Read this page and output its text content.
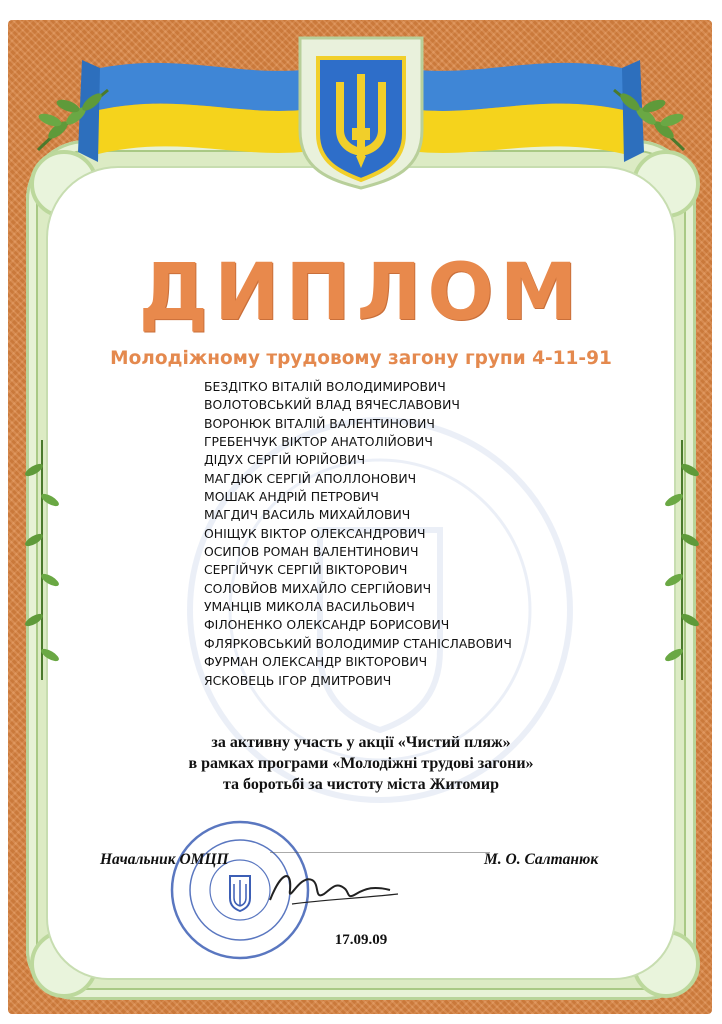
ДИПЛОМ
Молодіжному трудовому загону групи 4-11-91
БЕЗДІТКО ВІТАЛІЙ ВОЛОДИМИРОВИЧ
ВОЛОТОВСЬКИЙ ВЛАД ВЯЧЕСЛАВОВИЧ
ВОРОНЮК ВІТАЛІЙ ВАЛЕНТИНОВИЧ
ГРЕБЕНЧУК ВІКТОР АНАТОЛІЙОВИЧ
ДІДУХ СЕРГІЙ ЮРІЙОВИЧ
МАГДЮК СЕРГІЙ АПОЛЛОНОВИЧ
МОШАК АНДРІЙ ПЕТРОВИЧ
МАГДИЧ ВАСИЛЬ МИХАЙЛОВИЧ
ОНІЩУК ВІКТОР ОЛЕКСАНДРОВИЧ
ОСИПОВ РОМАН ВАЛЕНТИНОВИЧ
СЕРГІЙЧУК СЕРГІЙ ВІКТОРОВИЧ
СОЛОВЙОВ МИХАЙЛО СЕРГІЙОВИЧ
УМАНЦІВ МИКОЛА ВАСИЛЬОВИЧ
ФІЛОНЕНКО ОЛЕКСАНДР БОРИСОВИЧ
ФЛЯРКОВСЬКИЙ ВОЛОДИМИР СТАНІСЛАВОВИЧ
ФУРМАН ОЛЕКСАНДР ВІКТОРОВИЧ
ЯСКОВЕЦЬ ІГОР ДМИТРОВИЧ
за активну участь у акції «Чистий пляж»
в рамках програми «Молодіжні трудові загони»
та боротьбі за чистоту міста Житомир
Начальник ОМЦП	М. О. Салтанюк
17.09.09
